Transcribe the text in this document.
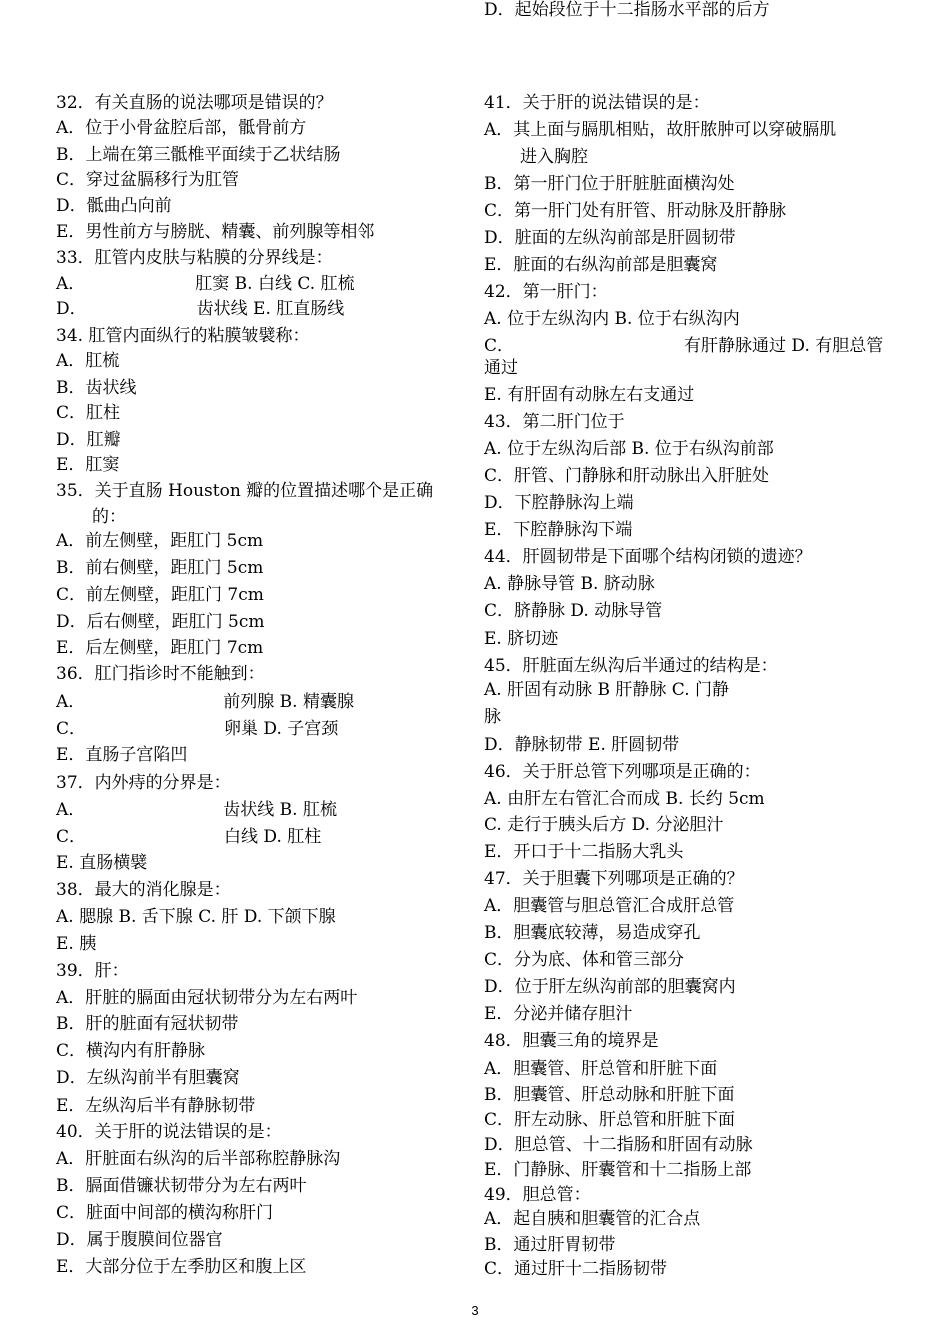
32．有关直肠的说法哪项是错误的？
A．位于小骨盆腔后部，骶骨前方
B．上端在第三骶椎平面续于乙状结肠
C．穿过盆膈移行为肛管
D．骶曲凸向前
E．男性前方与膀胱、精囊、前列腺等相邻
33．肛管内皮肤与粘膜的分界线是：
A．	肛窦 B. 白线 C. 肛梳
D．	齿状线 E. 肛直肠线
34. 肛管内面纵行的粘膜皱襞称：
A．肛梳
B．齿状线
C．肛柱
D．肛瓣
E．肛窦
35．关于直肠 Houston 瓣的位置描述哪个是正确
的：
A．前左侧壁，距肛门 5cm
B．前右侧壁，距肛门 5cm
C．前左侧壁，距肛门 7cm
D．后右侧壁，距肛门 5cm
E．后左侧壁，距肛门 7cm
36．肛门指诊时不能触到：
A．	前列腺 B. 精囊腺
C．	卵巢 D. 子宫颈
E．直肠子宫陷凹
37．内外痔的分界是：
A．	齿状线 B. 肛梳
C．	白线 D. 肛柱
E. 直肠横襞
38．最大的消化腺是：
A. 腮腺 B. 舌下腺 C. 肝 D. 下颌下腺
E. 胰
39．肝：
A．肝脏的膈面由冠状韧带分为左右两叶
B．肝的脏面有冠状韧带
C．横沟内有肝静脉
D．左纵沟前半有胆囊窝
E．左纵沟后半有静脉韧带
40．关于肝的说法错误的是：
A．肝脏面右纵沟的后半部称腔静脉沟
B．膈面借镰状韧带分为左右两叶
C．脏面中间部的横沟称肝门
D．属于腹膜间位器官
E．大部分位于左季肋区和腹上区
41．关于肝的说法错误的是：
A．其上面与膈肌相贴，故肝脓肿可以穿破膈肌
进入胸腔
B．第一肝门位于肝脏脏面横沟处
C．第一肝门处有肝管、肝动脉及肝静脉
D．脏面的左纵沟前部是肝圆韧带
E．脏面的右纵沟前部是胆囊窝
42．第一肝门：
A. 位于左纵沟内 B. 位于右纵沟内
C．	有肝静脉通过 D. 有胆总管
通过
E. 有肝固有动脉左右支通过
43．第二肝门位于
A. 位于左纵沟后部 B. 位于右纵沟前部
C．肝管、门静脉和肝动脉出入肝脏处
D．下腔静脉沟上端
E．下腔静脉沟下端
44．肝圆韧带是下面哪个结构闭锁的遗迹？
A. 静脉导管 B. 脐动脉
C．脐静脉 D. 动脉导管
E. 脐切迹
45．肝脏面左纵沟后半通过的结构是：
A. 肝固有动脉 B 肝静脉 C. 门静
脉
D．静脉韧带 E. 肝圆韧带
46．关于肝总管下列哪项是正确的：
A. 由肝左右管汇合而成 B. 长约 5cm
C. 走行于胰头后方 D. 分泌胆汁
E．开口于十二指肠大乳头
47．关于胆囊下列哪项是正确的？
A．胆囊管与胆总管汇合成肝总管
B．胆囊底较薄，易造成穿孔
C．分为底、体和管三部分
D．位于肝左纵沟前部的胆囊窝内
E．分泌并储存胆汁
48．胆囊三角的境界是
A．胆囊管、肝总管和肝脏下面
B．胆囊管、肝总动脉和肝脏下面
C．肝左动脉、肝总管和肝脏下面
D．胆总管、十二指肠和肝固有动脉
E．门静脉、肝囊管和十二指肠上部
49．胆总管：
A．起自胰和胆囊管的汇合点
B．通过肝胃韧带
C．通过肝十二指肠韧带
D．起始段位于十二指肠水平部的后方
3
